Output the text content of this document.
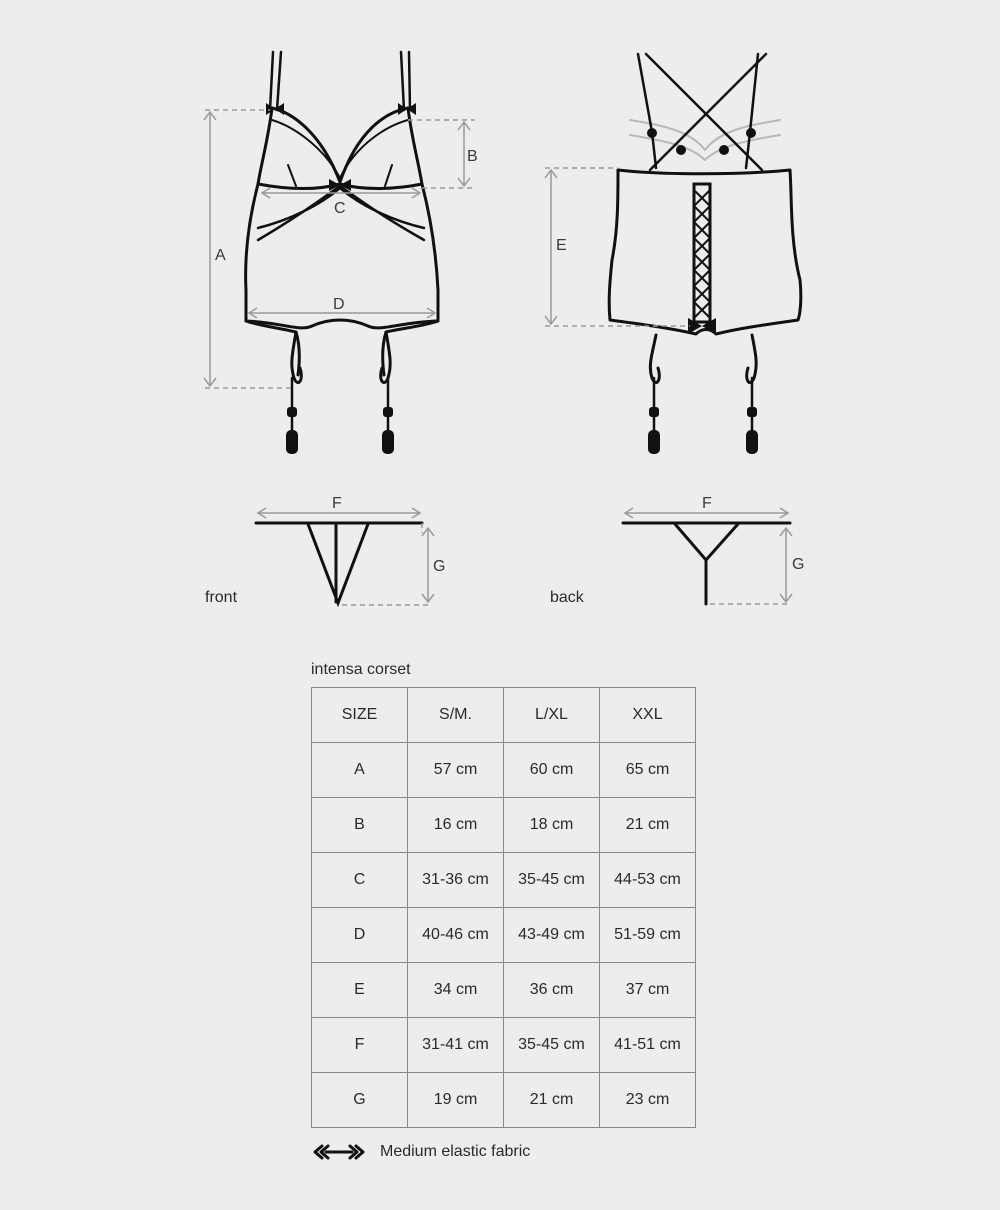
A
B
C
D
E
F
G
F
G
front	back
intensa corset
SIZE	S/M.	L/XL	XXL
A	57 cm	60 cm	65 cm
B	16 cm	18 cm	21 cm
C	31-36 cm	35-45 cm	44-53 cm
D	40-46 cm	43-49 cm	51-59 cm
E	34 cm	36 cm	37 cm
F	31-41 cm	35-45 cm	41-51 cm
G	19 cm	21 cm	23 cm
Medium elastic fabric
